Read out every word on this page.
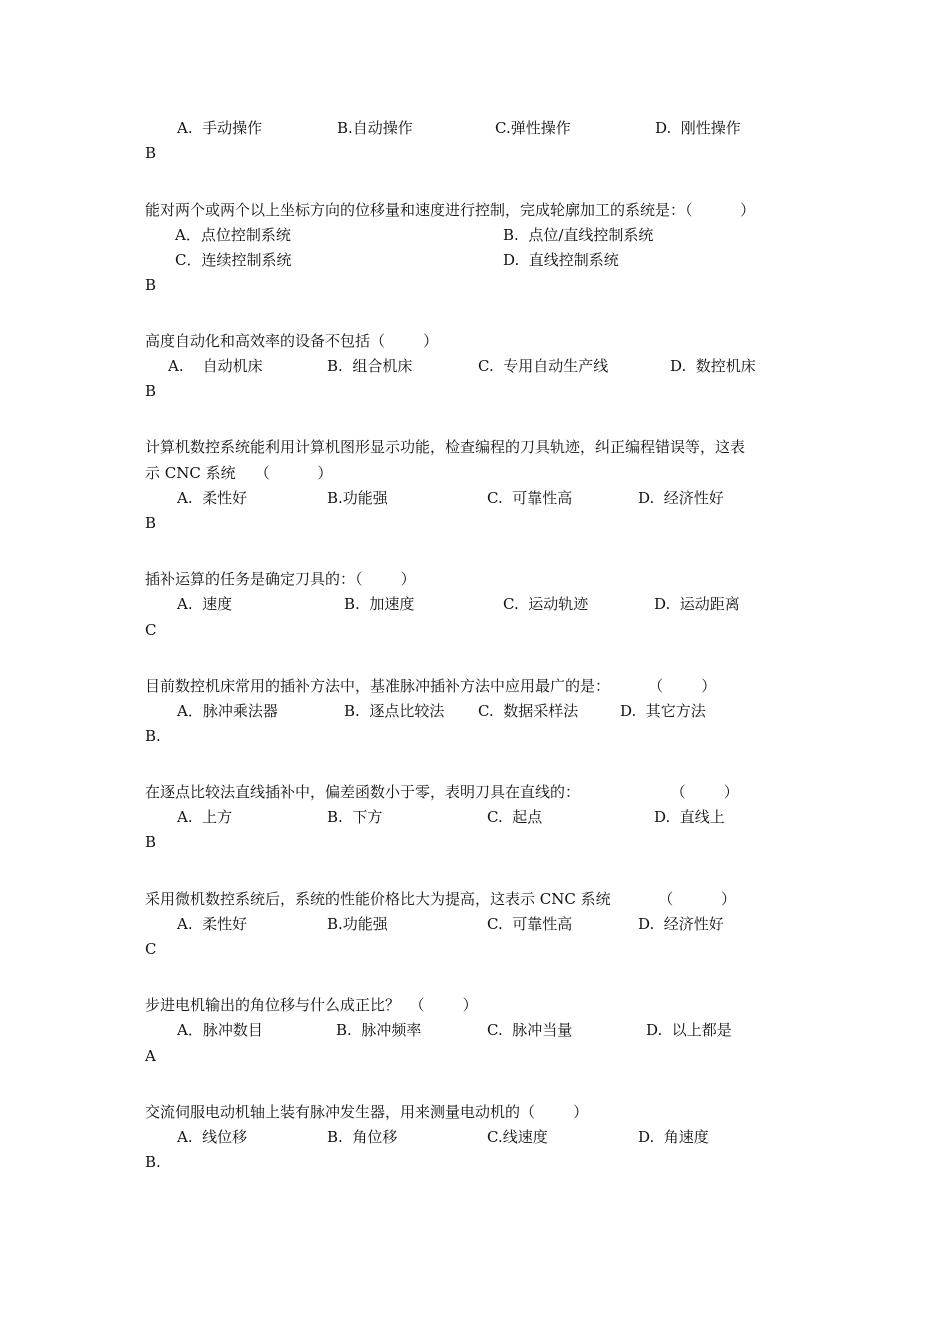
A.  手动操作	B.自动操作	C.弹性操作	D.  刚性操作
B
能对两个或两个以上坐标方向的位移量和速度进行控制，完成轮廓加工的系统是：（          ）
A．点位控制系统	B.  点位/直线控制系统
C．连续控制系统	D.  直线控制系统
B
高度自动化和高效率的设备不包括（        ）
A.    自动机床	B.  组合机床	C.  专用自动生产线	D.  数控机床
B
计算机数控系统能利用计算机图形显示功能，检查编程的刀具轨迹，纠正编程错误等，这表
示 CNC 系统    （          ）
A.  柔性好	B.功能强	C.  可靠性高	D.  经济性好
B
插补运算的任务是确定刀具的：（        ）
A.  速度	B.  加速度	C.  运动轨迹	D.  运动距离
C
目前数控机床常用的插补方法中，基准脉冲插补方法中应用最广的是：        （        ）
A．脉冲乘法器	B.  逐点比较法 C.  数据采样法	D.  其它方法
B.
在逐点比较法直线插补中，偏差函数小于零，表明刀具在直线的：                   （        ）
A.  上方	B.  下方	C.  起点	D.  直线上
B
采用微机数控系统后，系统的性能价格比大为提高，这表示 CNC 系统          （          ）
A.  柔性好	B.功能强	C.  可靠性高	D.  经济性好
C
步进电机输出的角位移与什么成正比？  （        ）
A．脉冲数目	B.  脉冲频率	C.  脉冲当量	D.  以上都是
A
交流伺服电动机轴上装有脉冲发生器，用来测量电动机的（        ）
A.  线位移	B.  角位移	C.线速度	D.  角速度
B.
